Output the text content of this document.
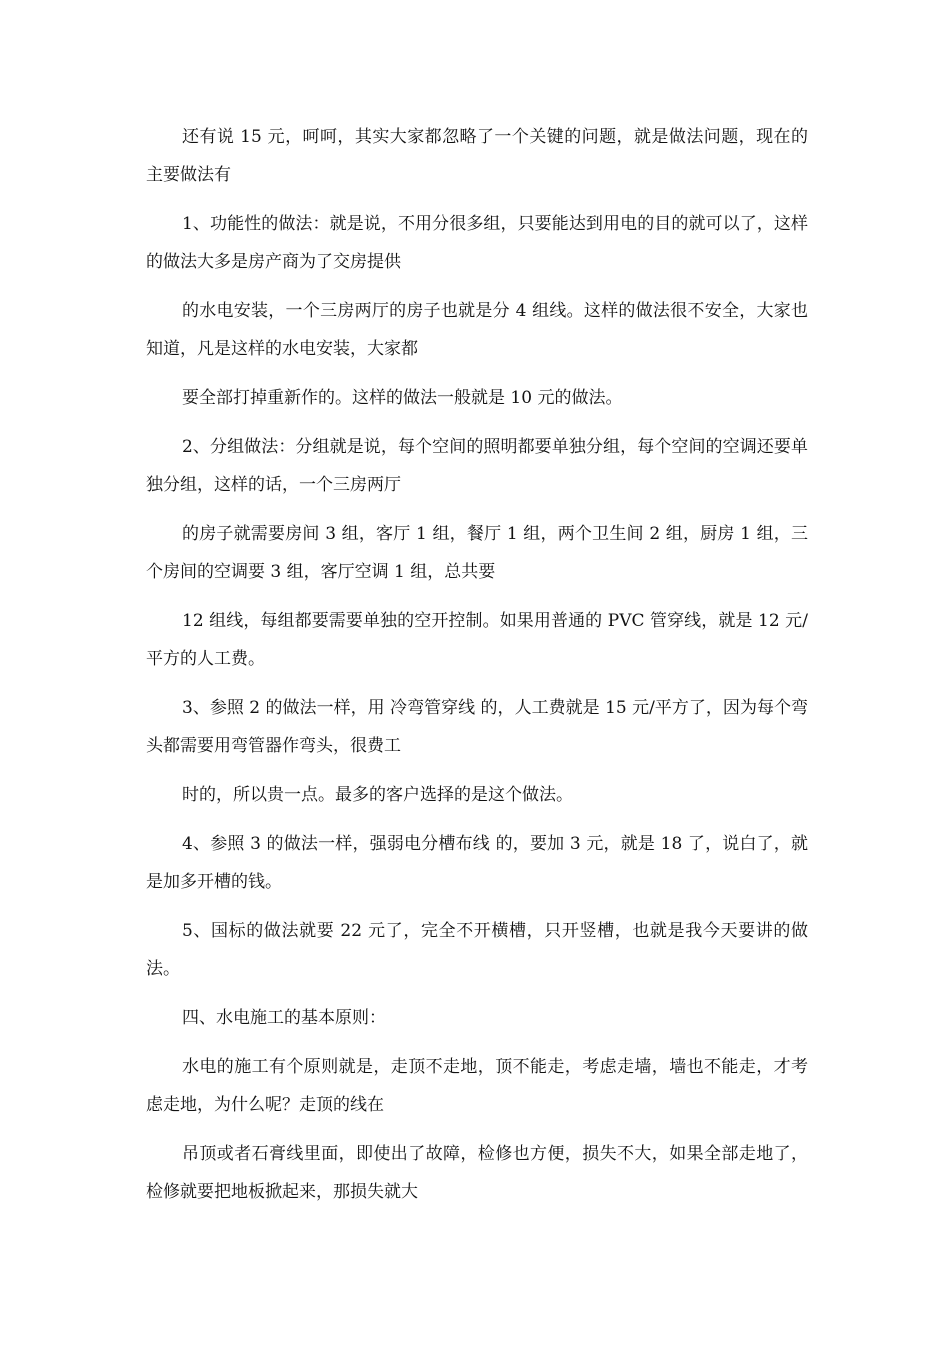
还有说 15 元，呵呵，其实大家都忽略了一个关键的问题，就是做法问题，现在的主要做法有

1、功能性的做法：就是说，不用分很多组，只要能达到用电的目的就可以了，这样的做法大多是房产商为了交房提供

的水电安装，一个三房两厅的房子也就是分 4 组线。这样的做法很不安全，大家也知道，凡是这样的水电安装，大家都

要全部打掉重新作的。这样的做法一般就是 10 元的做法。

2、分组做法：分组就是说，每个空间的照明都要单独分组，每个空间的空调还要单独分组，这样的话，一个三房两厅

的房子就需要房间 3 组，客厅 1 组，餐厅 1 组，两个卫生间 2 组，厨房 1 组，三个房间的空调要 3 组，客厅空调 1 组，总共要

12 组线，每组都要需要单独的空开控制。如果用普通的 PVC 管穿线，就是 12 元/平方的人工费。

3、参照 2 的做法一样，用 冷弯管穿线 的，人工费就是 15 元/平方了，因为每个弯头都需要用弯管器作弯头，很费工

时的，所以贵一点。最多的客户选择的是这个做法。

4、参照 3 的做法一样，强弱电分槽布线 的，要加 3 元，就是 18 了，说白了，就是加多开槽的钱。

5、国标的做法就要 22 元了，完全不开横槽，只开竖槽，也就是我今天要讲的做法。

四、水电施工的基本原则：

水电的施工有个原则就是，走顶不走地，顶不能走，考虑走墙，墙也不能走，才考虑走地，为什么呢？走顶的线在

吊顶或者石膏线里面，即使出了故障，检修也方便，损失不大，如果全部走地了，检修就要把地板掀起来，那损失就大
